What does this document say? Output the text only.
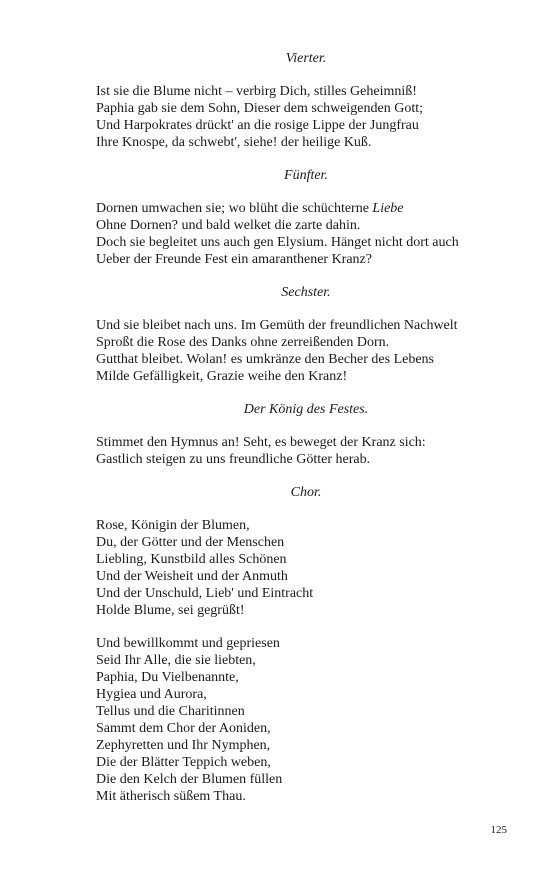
Vierter.
Ist sie die Blume nicht – verbirg Dich, stilles Geheimniß!
Paphia gab sie dem Sohn, Dieser dem schweigenden Gott;
Und Harpokrates drückt' an die rosige Lippe der Jungfrau
Ihre Knospe, da schwebt', siehe! der heilige Kuß.
Fünfter.
Dornen umwachen sie; wo blüht die schüchterne Liebe
Ohne Dornen? und bald welket die zarte dahin.
Doch sie begleitet uns auch gen Elysium. Hänget nicht dort auch
Ueber der Freunde Fest ein amaranthener Kranz?
Sechster.
Und sie bleibet nach uns. Im Gemüth der freundlichen Nachwelt
Sproßt die Rose des Danks ohne zerreißenden Dorn.
Gutthat bleibet. Wolan! es umkränze den Becher des Lebens
Milde Gefälligkeit, Grazie weihe den Kranz!
Der König des Festes.
Stimmet den Hymnus an! Seht, es beweget der Kranz sich:
Gastlich steigen zu uns freundliche Götter herab.
Chor.
Rose, Königin der Blumen,
Du, der Götter und der Menschen
Liebling, Kunstbild alles Schönen
Und der Weisheit und der Anmuth
Und der Unschuld, Lieb' und Eintracht
Holde Blume, sei gegrüßt!
Und bewillkommt und gepriesen
Seid Ihr Alle, die sie liebten,
Paphia, Du Vielbenannte,
Hygiea und Aurora,
Tellus und die Charitinnen
Sammt dem Chor der Aoniden,
Zephyretten und Ihr Nymphen,
Die der Blätter Teppich weben,
Die den Kelch der Blumen füllen
Mit ätherisch süßem Thau.
125
